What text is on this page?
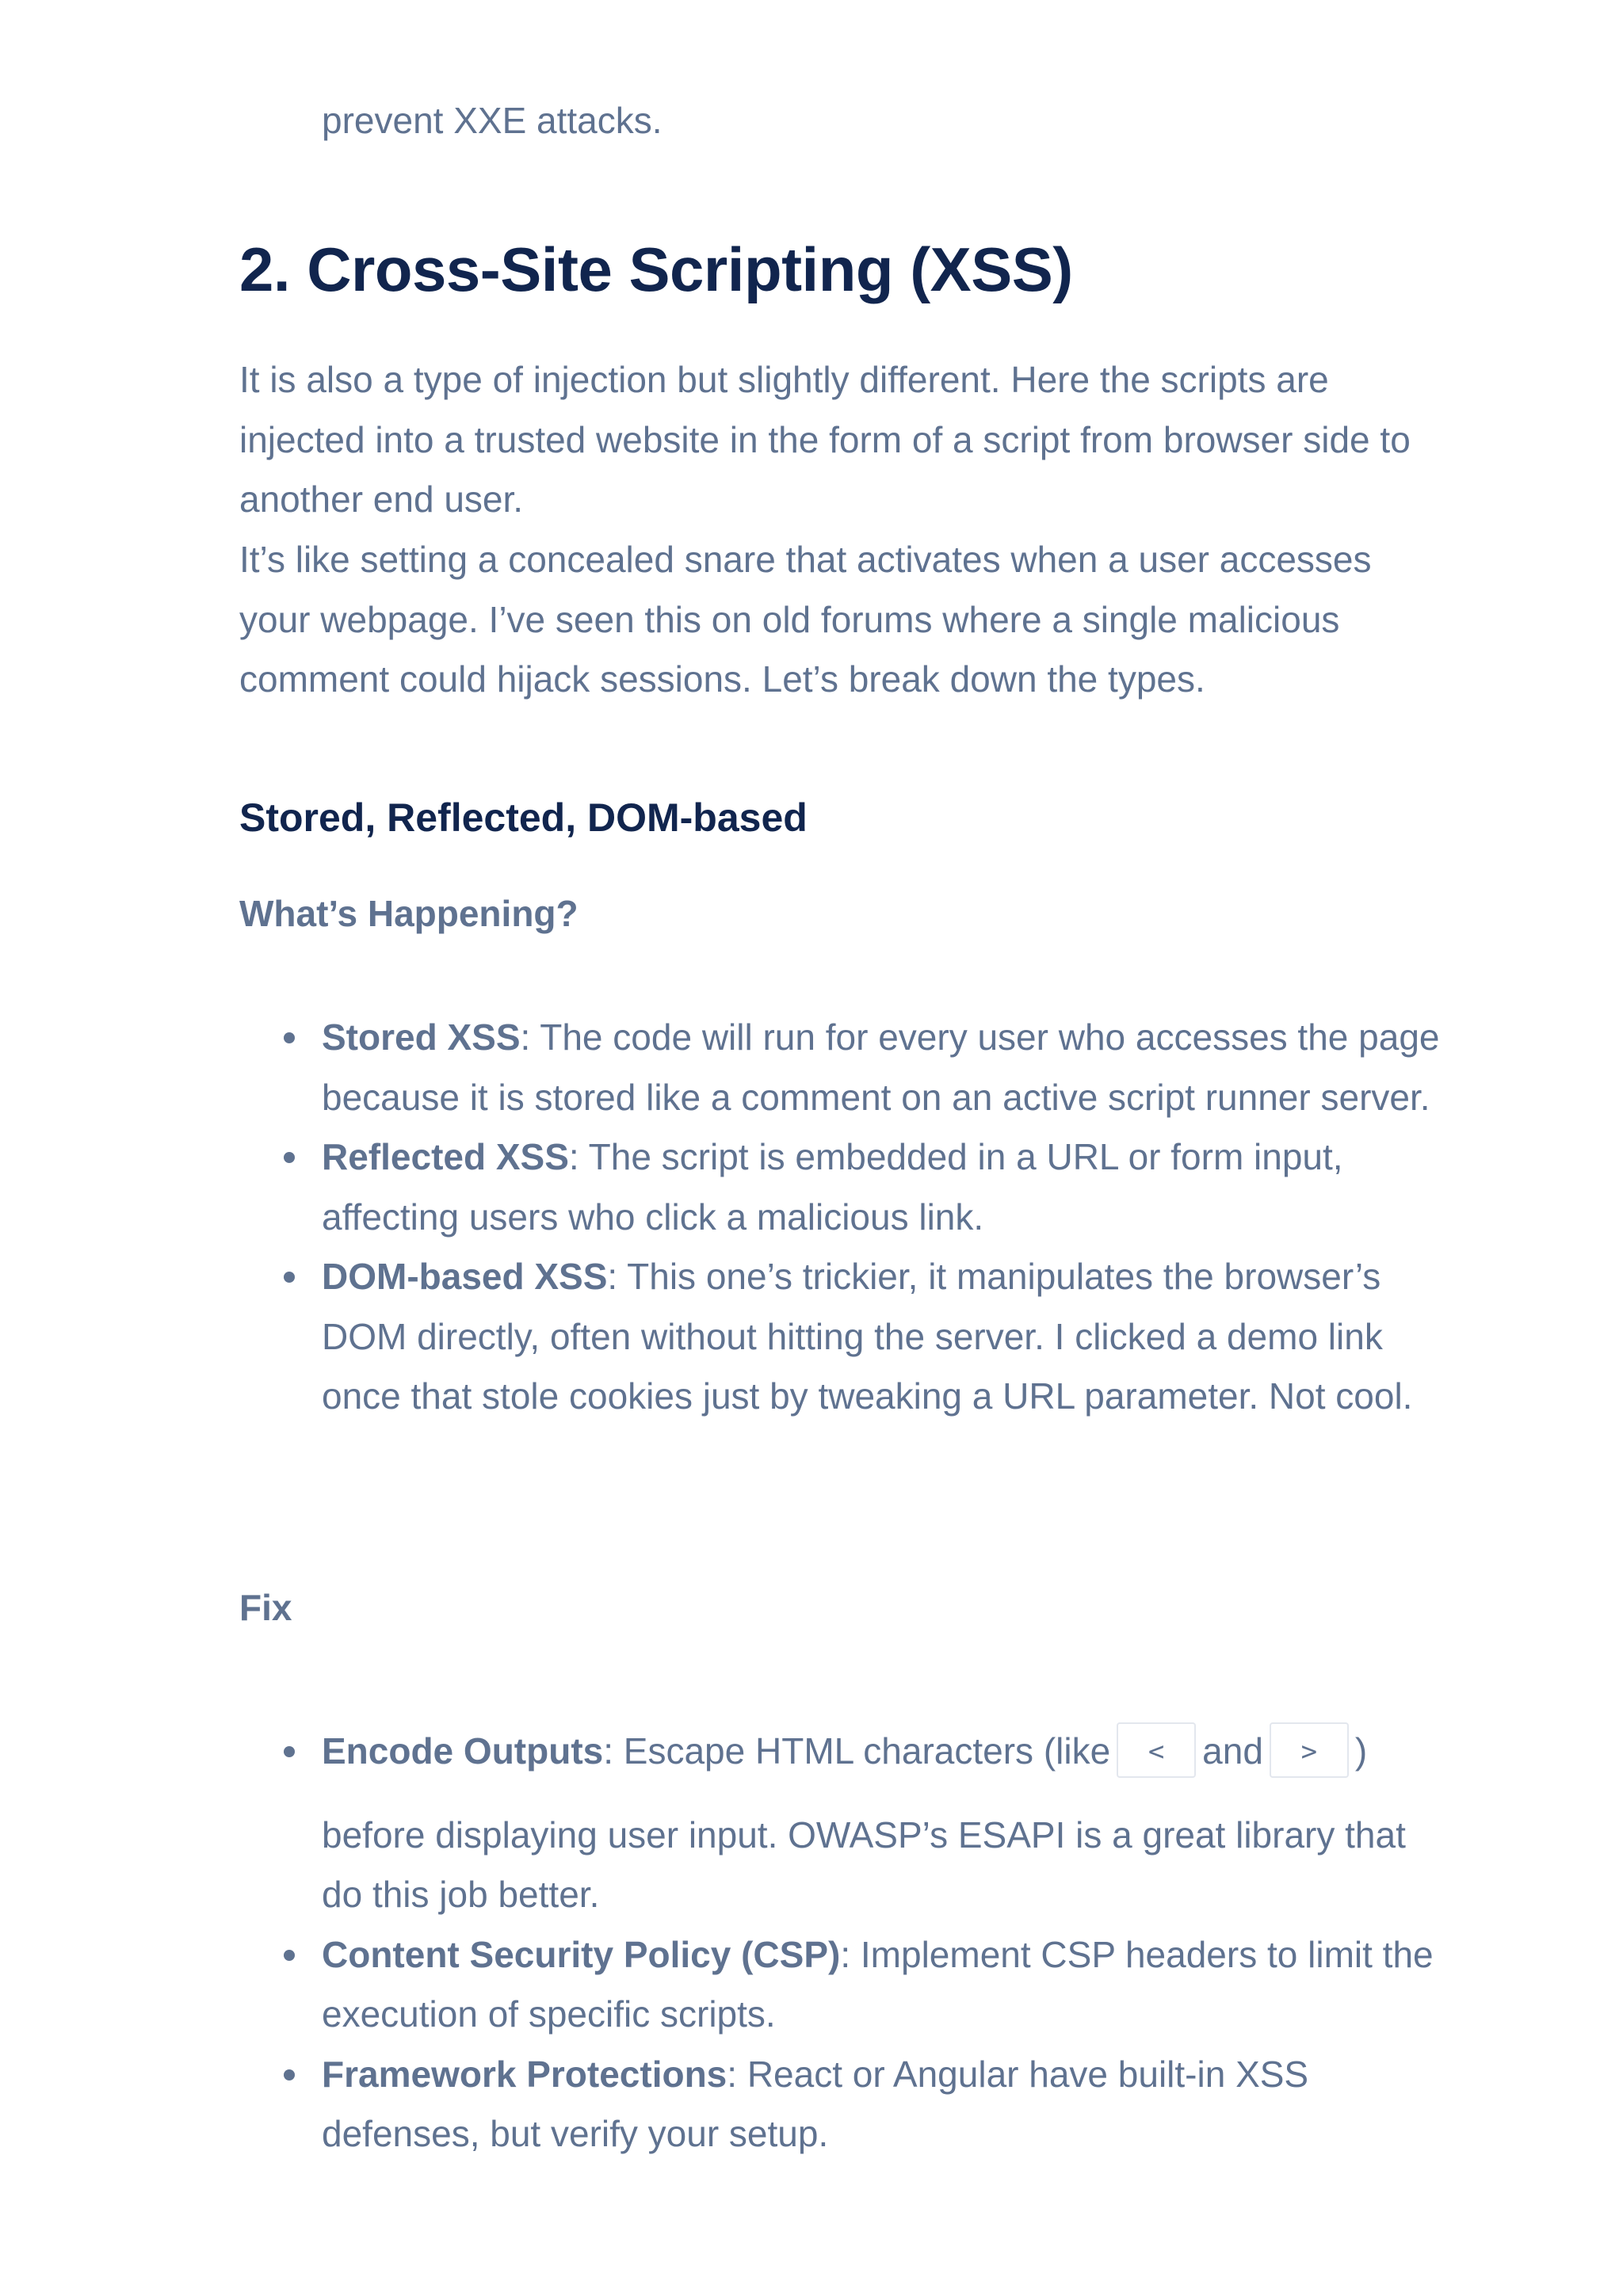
prevent XXE attacks.

2. Cross-Site Scripting (XSS)

It is also a type of injection but slightly different. Here the scripts are injected into a trusted website in the form of a script from browser side to another end user.

It’s like setting a concealed snare that activates when a user accesses your webpage. I’ve seen this on old forums where a single malicious comment could hijack sessions. Let’s break down the types.

Stored, Reflected, DOM-based
What’s Happening?
Stored XSS: The code will run for every user who accesses the page because it is stored like a comment on an active script runner server.
Reflected XSS: The script is embedded in a URL or form input, affecting users who click a malicious link.
DOM-based XSS: This one’s trickier, it manipulates the browser’s DOM directly, often without hitting the server. I clicked a demo link once that stole cookies just by tweaking a URL parameter. Not cool.
Fix
Encode Outputs: Escape HTML characters (like < and > )
before displaying user input. OWASP’s ESAPI is a great library that do this job better.
Content Security Policy (CSP): Implement CSP headers to limit the execution of specific scripts.
Framework Protections: React or Angular have built-in XSS defenses, but verify your setup.
